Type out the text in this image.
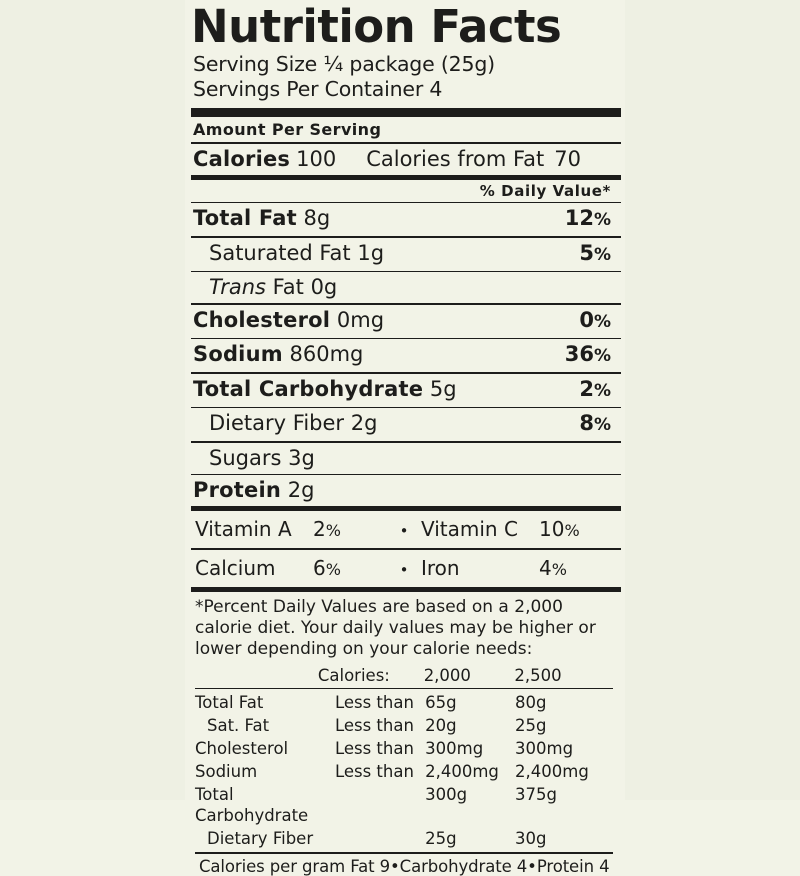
Nutrition Facts
Serving Size ¼ package (25g)
Servings Per Container 4
Amount Per Serving
Calories 100 Calories from Fat 70
% Daily Value*
Total Fat 8g	12%
Saturated Fat 1g	5%
Trans Fat 0g
Cholesterol 0mg	0%
Sodium 860mg	36%
Total Carbohydrate 5g	2%
Dietary Fiber 2g	8%
Sugars 3g
Protein 2g
Vitamin A	2%	• Vitamin C	10%
Calcium	6%	• Iron	4%
*Percent Daily Values are based on a 2,000 calorie diet. Your daily values may be higher or lower depending on your calorie needs:
	Calories:	2,000	2,500
Total Fat	Less than	65g	80g
Sat. Fat	Less than	20g	25g
Cholesterol	Less than	300mg	300mg
Sodium	Less than	2,400mg	2,400mg
Total Carbohydrate		300g	375g
Dietary Fiber		25g	30g
Calories per gram Fat 9•Carbohydrate 4•Protein 4
